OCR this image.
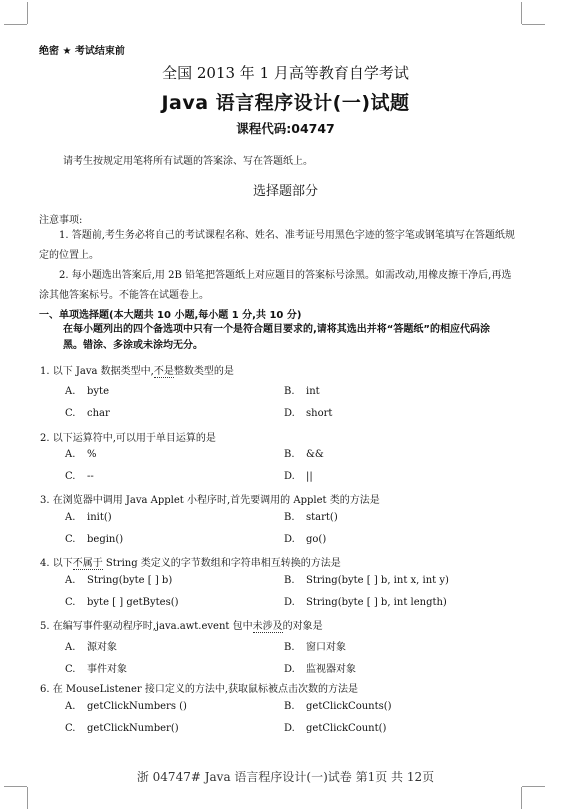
绝密 ★ 考试结束前
全国 2013 年 1 月高等教育自学考试
Java 语言程序设计(一)试题
课程代码:04747
请考生按规定用笔将所有试题的答案涂、写在答题纸上。
选择题部分
注意事项:
1. 答题前,考生务必将自己的考试课程名称、姓名、准考证号用黑色字迹的签字笔或钢笔填写在答题纸规定的位置上。
2. 每小题选出答案后,用 2B 铅笔把答题纸上对应题目的答案标号涂黑。如需改动,用橡皮擦干净后,再选涂其他答案标号。不能答在试题卷上。
一、单项选择题(本大题共 10 小题,每小题 1 分,共 10 分)
在每小题列出的四个备选项中只有一个是符合题目要求的,请将其选出并将“答题纸”的相应代码涂黑。错涂、多涂或未涂均无分。
1. 以下 Java 数据类型中,不是整数类型的是
A. byte	B. int
C. char	D. short
2. 以下运算符中,可以用于单目运算的是
A. %	B. &&
C. --	D. ||
3. 在浏览器中调用 Java Applet 小程序时,首先要调用的 Applet 类的方法是
A. init()	B. start()
C. begin()	D. go()
4. 以下不属于 String 类定义的字节数组和字符串相互转换的方法是
A. String(byte [ ] b)	B. String(byte [ ] b, int x, int y)
C. byte [ ] getBytes()	D. String(byte [ ] b, int length)
5. 在编写事件驱动程序时,java.awt.event 包中未涉及的对象是
A. 源对象	B. 窗口对象
C. 事件对象	D. 监视器对象
6. 在 MouseListener 接口定义的方法中,获取鼠标被点击次数的方法是
A. getClickNumbers ()	B. getClickCounts()
C. getClickNumber()	D. getClickCount()
浙 04747# Java 语言程序设计(一)试卷 第1页 共 12页
